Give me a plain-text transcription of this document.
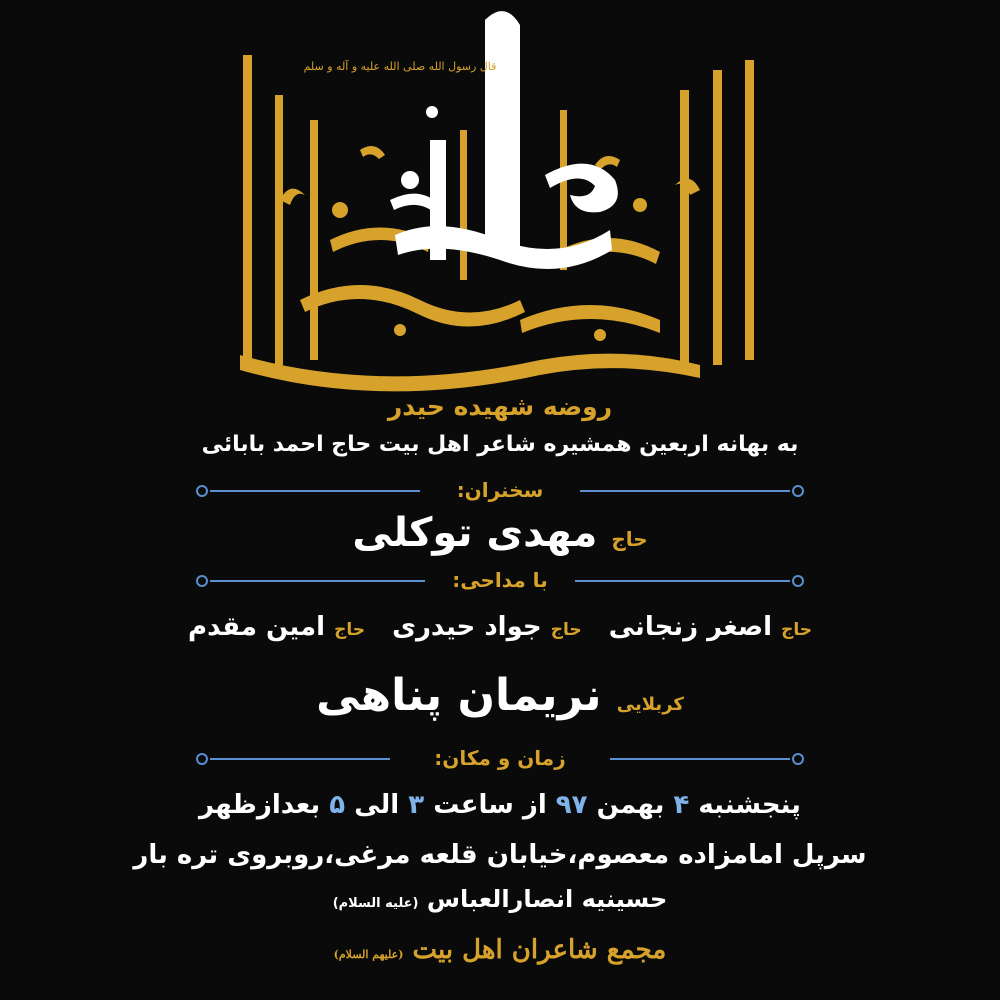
قال رسول الله صلی الله علیه و آله و سلم
روضه شهیده حیدر
به بهانه اربعین همشیره شاعر اهل بیت حاج احمد بابائی
سخنران:
حاج مهدی توکلی
با مداحی:
حاج اصغر زنجانی   حاج جواد حیدری   حاج امین مقدم
کربلایی نریمان پناهی
زمان و مکان:
پنجشنبه ۴ بهمن ۹۷ از ساعت ۳ الی ۵ بعدازظهر
سرپل امامزاده معصوم،خیابان قلعه مرغی،روبروی تره بار
حسینیه انصارالعباس (علیه السلام)
مجمع شاعران اهل بیت (علیهم السلام)
